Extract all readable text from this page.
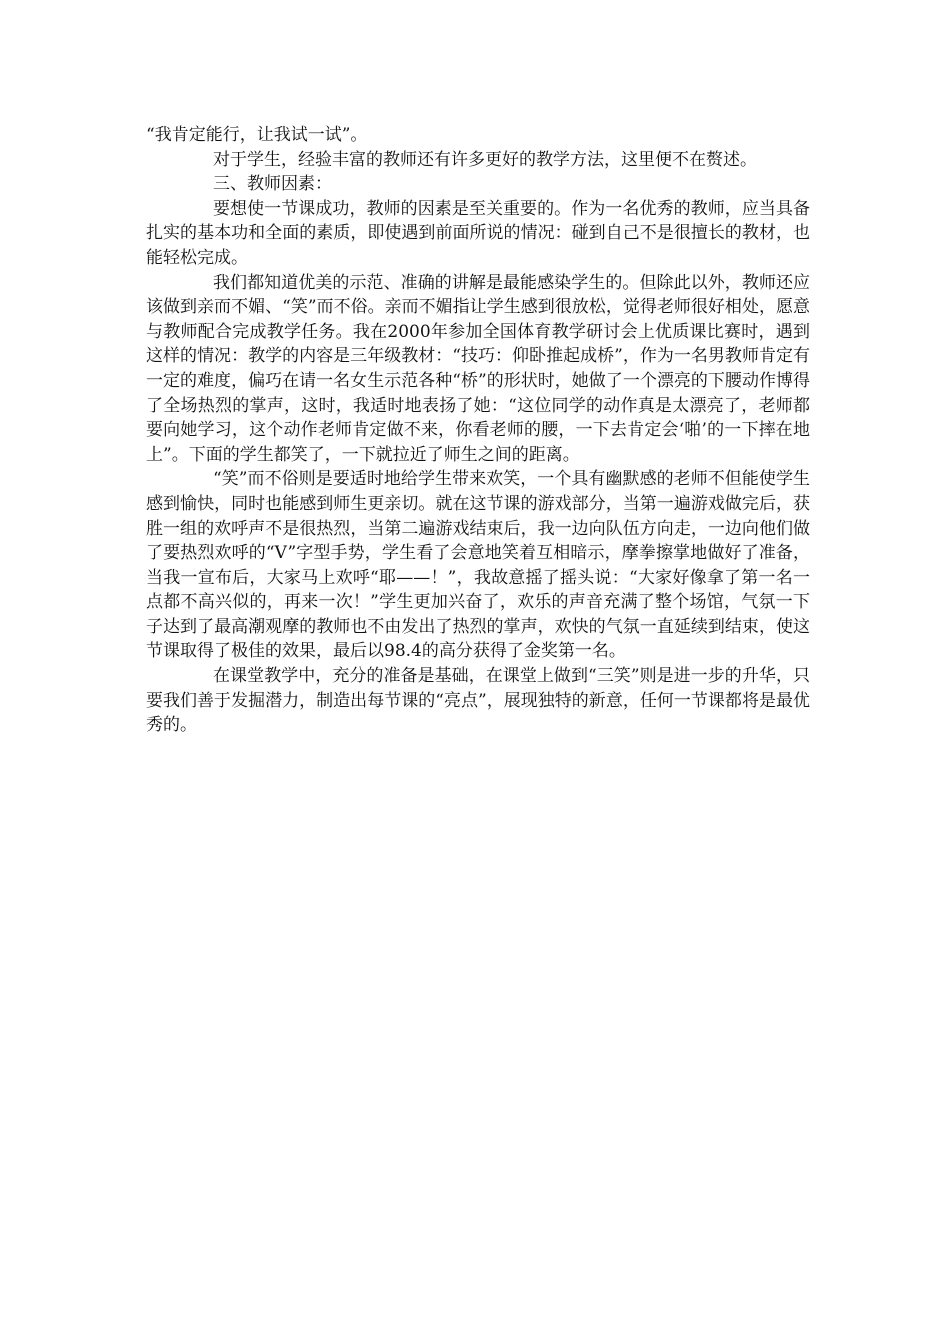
“我肯定能行，让我试一试”。

对于学生，经验丰富的教师还有许多更好的教学方法，这里便不在赘述。

三、教师因素：

要想使一节课成功，教师的因素是至关重要的。作为一名优秀的教师，应当具备扎实的基本功和全面的素质，即使遇到前面所说的情况：碰到自己不是很擅长的教材，也能轻松完成。

我们都知道优美的示范、准确的讲解是最能感染学生的。但除此以外，教师还应该做到亲而不媚、“笑”而不俗。亲而不媚指让学生感到很放松，觉得老师很好相处，愿意与教师配合完成教学任务。我在2000年参加全国体育教学研讨会上优质课比赛时，遇到这样的情况：教学的内容是三年级教材：“技巧：仰卧推起成桥”，作为一名男教师肯定有一定的难度，偏巧在请一名女生示范各种“桥”的形状时，她做了一个漂亮的下腰动作博得了全场热烈的掌声，这时，我适时地表扬了她：“这位同学的动作真是太漂亮了，老师都要向她学习，这个动作老师肯定做不来，你看老师的腰，一下去肯定会‘啪’的一下摔在地上”。下面的学生都笑了，一下就拉近了师生之间的距离。

“笑”而不俗则是要适时地给学生带来欢笑，一个具有幽默感的老师不但能使学生感到愉快，同时也能感到师生更亲切。就在这节课的游戏部分，当第一遍游戏做完后，获胜一组的欢呼声不是很热烈，当第二遍游戏结束后，我一边向队伍方向走，一边向他们做了要热烈欢呼的“V”字型手势，学生看了会意地笑着互相暗示，摩拳擦掌地做好了准备，当我一宣布后，大家马上欢呼“耶——！”，我故意摇了摇头说：“大家好像拿了第一名一点都不高兴似的，再来一次！”学生更加兴奋了，欢乐的声音充满了整个场馆，气氛一下子达到了最高潮观摩的教师也不由发出了热烈的掌声，欢快的气氛一直延续到结束，使这节课取得了极佳的效果，最后以98.4的高分获得了金奖第一名。

在课堂教学中，充分的准备是基础，在课堂上做到“三笑”则是进一步的升华，只要我们善于发掘潜力，制造出每节课的“亮点”，展现独特的新意，任何一节课都将是最优秀的。
